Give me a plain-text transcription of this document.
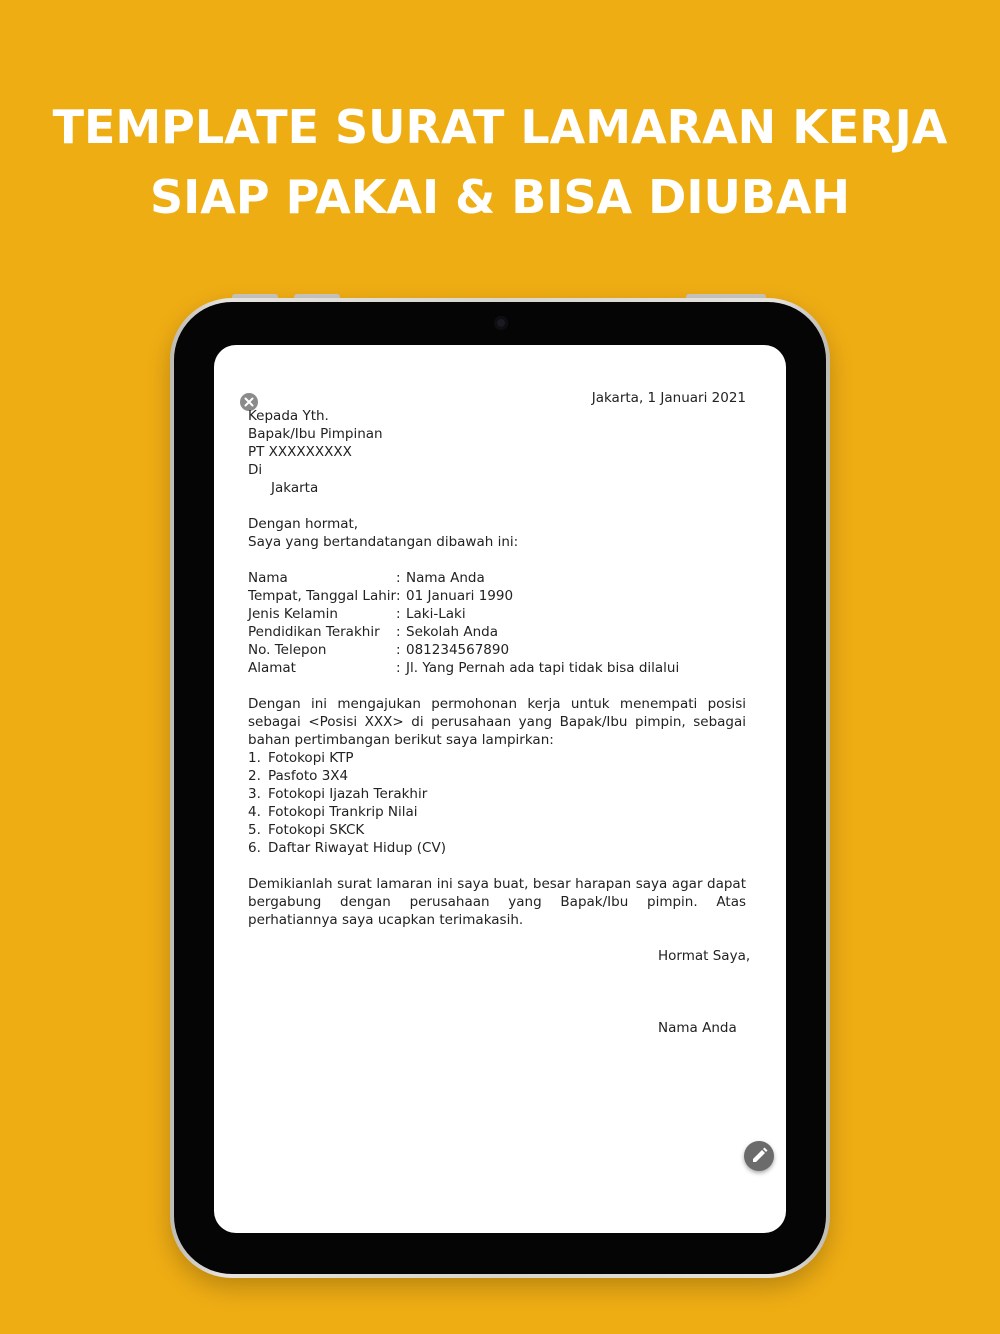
TEMPLATE SURAT LAMARAN KERJA
SIAP PAKAI & BISA DIUBAH
Jakarta, 1 Januari 2021
Kepada Yth.
Bapak/Ibu Pimpinan
PT XXXXXXXXX
Di
Jakarta
Dengan hormat,
Saya yang bertandatangan dibawah ini:
Nama	: Nama Anda
Tempat, Tanggal Lahir : 01 Januari 1990
Jenis Kelamin	: Laki-Laki
Pendidikan Terakhir : Sekolah Anda
No. Telepon	: 081234567890
Alamat	: Jl. Yang Pernah ada tapi tidak bisa dilalui
Dengan ini mengajukan permohonan kerja untuk menempati posisi sebagai <Posisi XXX> di perusahaan yang Bapak/Ibu pimpin, sebagai bahan pertimbangan berikut saya lampirkan:
1. Fotokopi KTP
2. Pasfoto 3X4
3. Fotokopi Ijazah Terakhir
4. Fotokopi Trankrip Nilai
5. Fotokopi SKCK
6. Daftar Riwayat Hidup (CV)
Demikianlah surat lamaran ini saya buat, besar harapan saya agar dapat bergabung dengan perusahaan yang Bapak/Ibu pimpin. Atas perhatiannya saya ucapkan terimakasih.
Hormat Saya,
Nama Anda
